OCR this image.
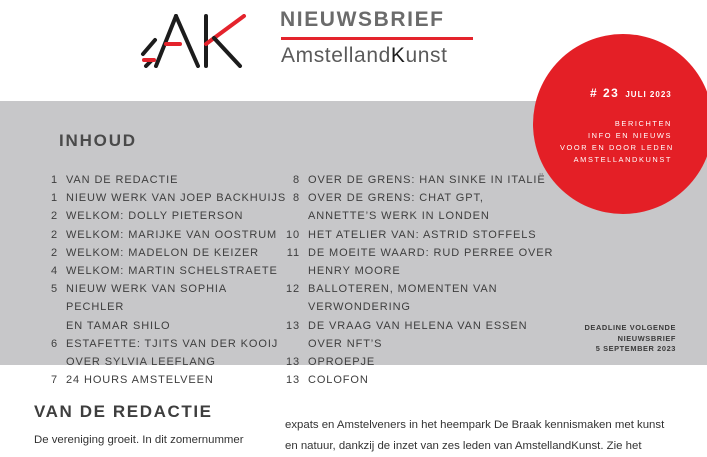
NIEUWSBRIEF
AmstellandKunst
# 23 JULI 2023
BERICHTEN
INFO EN NIEUWS
VOOR EN DOOR LEDEN
AMSTELLANDKUNST
INHOUD
1 VAN DE REDACTIE
1 NIEUW WERK VAN JOEP BACKHUIJS
2 WELKOM: DOLLY PIETERSON
2 WELKOM: MARIJKE VAN OOSTRUM
2 WELKOM: MADELON DE KEIZER
4 WELKOM: MARTIN SCHELSTRAETE
5 NIEUW WERK VAN SOPHIA PECHLER
EN TAMAR SHILO
6 ESTAFETTE: TJITS VAN DER KOOIJ
OVER SYLVIA LEEFLANG
7 24 HOURS AMSTELVEEN
8 OVER DE GRENS: HAN SINKE IN ITALIË
8 OVER DE GRENS: CHAT GPT,
ANNETTE’S WERK IN LONDEN
10 HET ATELIER VAN: ASTRID STOFFELS
11 DE MOEITE WAARD: RUD PERREE OVER
HENRY MOORE
12 BALLOTEREN, MOMENTEN VAN VERWONDERING
13 DE VRAAG VAN HELENA VAN ESSEN
OVER NFT’S
13 OPROEPJE
13 COLOFON
DEADLINE VOLGENDE
NIEUWSBRIEF
5 SEPTEMBER 2023
VAN DE REDACTIE
De vereniging groeit. In dit zomernummer

expats en Amstelveners in het heempark De Braak kennismaken met kunst

en natuur, dankzij de inzet van zes leden van AmstellandKunst. Zie het
